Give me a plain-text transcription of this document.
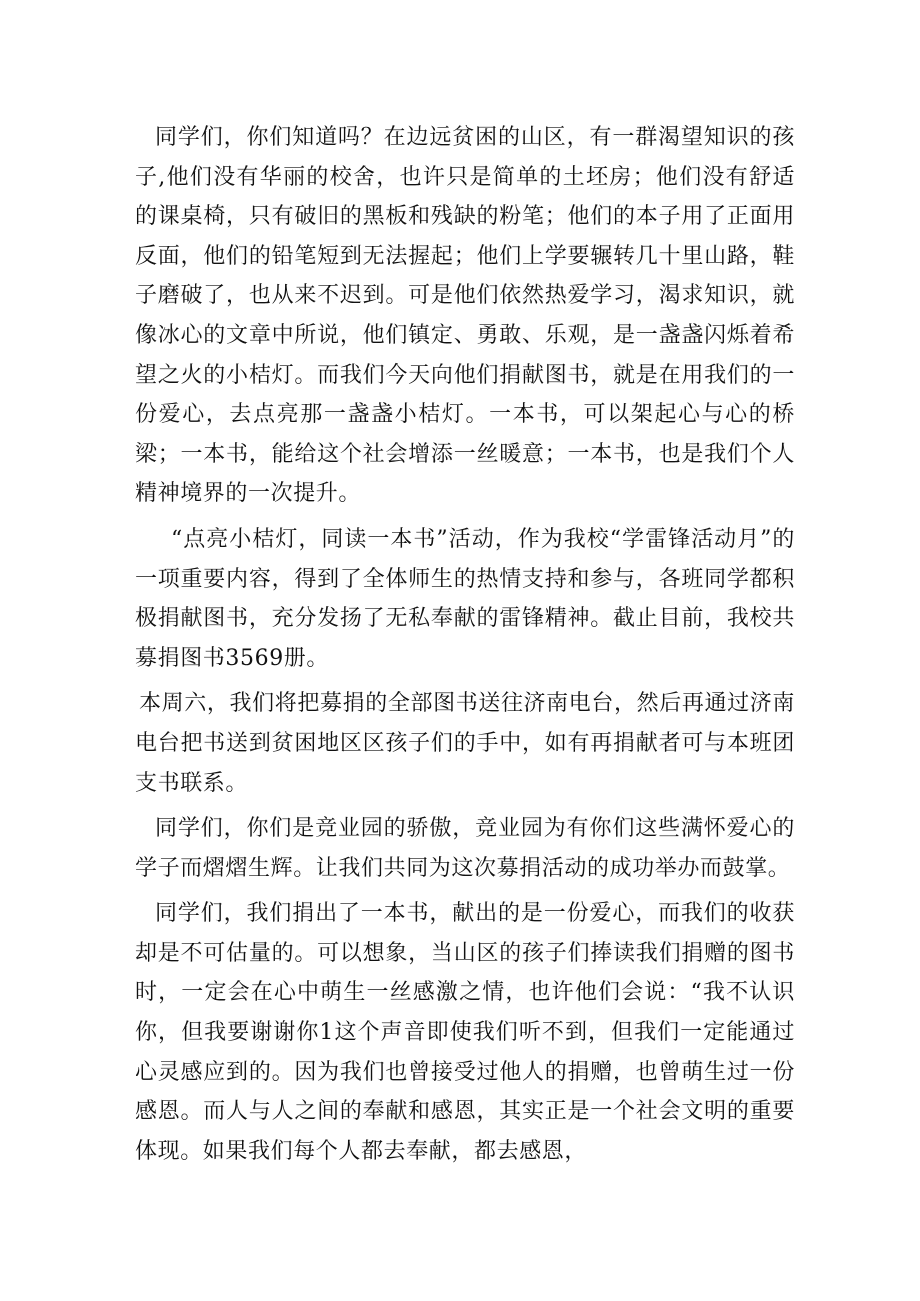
同学们，你们知道吗？在边远贫困的山区，有一群渴望知识的孩子,他们没有华丽的校舍，也许只是简单的土坯房；他们没有舒适的课桌椅，只有破旧的黑板和残缺的粉笔；他们的本子用了正面用反面，他们的铅笔短到无法握起；他们上学要辗转几十里山路，鞋子磨破了，也从来不迟到。可是他们依然热爱学习，渴求知识，就像冰心的文章中所说，他们镇定、勇敢、乐观，是一盏盏闪烁着希望之火的小桔灯。而我们今天向他们捐献图书，就是在用我们的一份爱心，去点亮那一盏盏小桔灯。一本书，可以架起心与心的桥梁；一本书，能给这个社会增添一丝暖意；一本书，也是我们个人精神境界的一次提升。

“点亮小桔灯，同读一本书”活动，作为我校“学雷锋活动月”的一项重要内容，得到了全体师生的热情支持和参与，各班同学都积极捐献图书，充分发扬了无私奉献的雷锋精神。截止目前，我校共募捐图书3569册。

本周六，我们将把募捐的全部图书送往济南电台，然后再通过济南电台把书送到贫困地区区孩子们的手中，如有再捐献者可与本班团支书联系。

同学们，你们是竞业园的骄傲，竞业园为有你们这些满怀爱心的学子而熠熠生辉。让我们共同为这次募捐活动的成功举办而鼓掌。

同学们，我们捐出了一本书，献出的是一份爱心，而我们的收获却是不可估量的。可以想象，当山区的孩子们捧读我们捐赠的图书时，一定会在心中萌生一丝感激之情，也许他们会说：“我不认识你，但我要谢谢你1这个声音即使我们听不到，但我们一定能通过心灵感应到的。因为我们也曾接受过他人的捐赠，也曾萌生过一份感恩。而人与人之间的奉献和感恩，其实正是一个社会文明的重要体现。如果我们每个人都去奉献，都去感恩，
